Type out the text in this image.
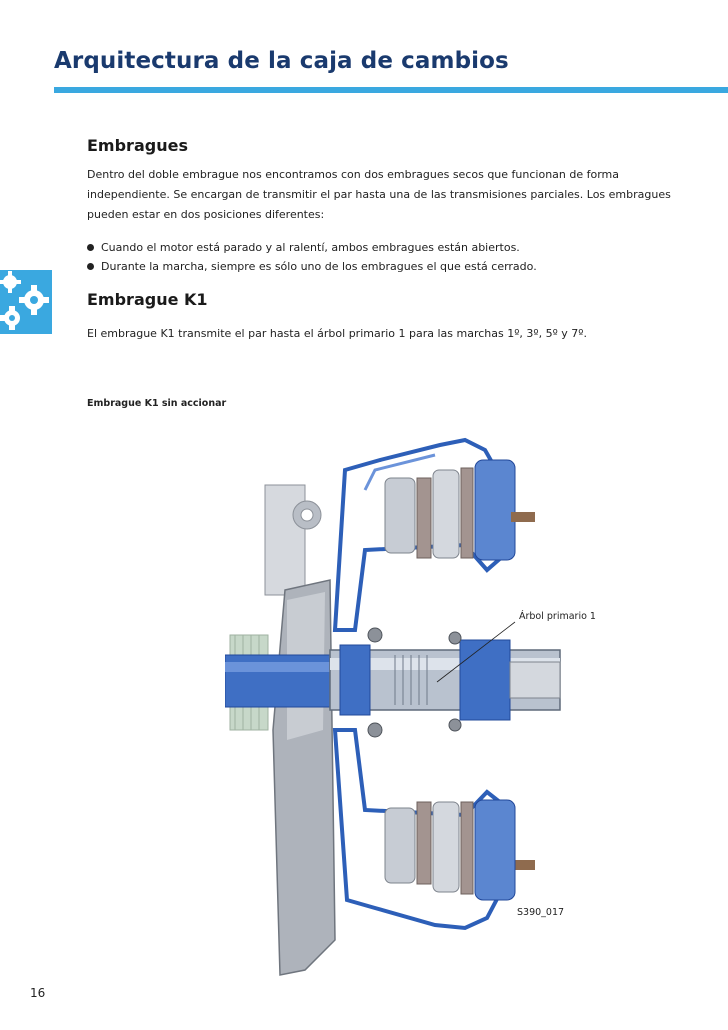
Arquitectura de la caja de cambios
Embragues
Dentro del doble embrague nos encontramos con dos embragues secos que funcionan de forma independiente. Se encargan de transmitir el par hasta una de las transmisiones parciales. Los embragues pueden estar en dos posiciones diferentes:
Cuando el motor está parado y al ralentí, ambos embragues están abiertos.
Durante la marcha, siempre es sólo uno de los embragues el que está cerrado.
Embrague K1
El embrague K1 transmite el par hasta el árbol primario 1 para las marchas 1º, 3º, 5º y 7º.
Embrague K1 sin accionar
Árbol primario 1
S390_017
16
